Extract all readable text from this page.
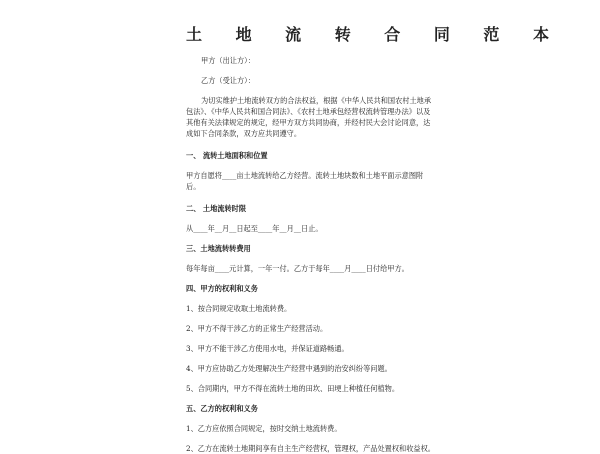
土 地 流 转 合 同 范 本
甲方（出让方）：
乙方（受让方）：
为切实维护土地流转双方的合法权益，根据《中华人民共和国农村土地承
包法》、《中华人民共和国合同法》、《农村土地承包经营权流转管理办法》以及
其他有关法律规定的规定，经甲方双方共同协商，并经村民大会讨论同意，达
成如下合同条款，双方应共同遵守。
一、 流转土地面积和位置
甲方自愿将____亩土地流转给乙方经营。流转土地块数和土地平面示意图附
后。
二、 土地流转时限
从____年__月__日起至____年__月__日止。
三、土地流转转费用
每年每亩____元计算，一年一付。乙方于每年____月____日付给甲方。
四、甲方的权利和义务
1、按合同规定收取土地流转费。
2、甲方不得干涉乙方的正常生产经营活动。
3、甲方不能干涉乙方使用水电，并保证道路畅通。
4、甲方应协助乙方处理解决生产经营中遇到的治安纠纷等问题。
5、合同期内，甲方不得在流转土地的田坎、田埂上种植任何植物。
五、乙方的权利和义务
1、乙方应依照合同规定，按时交纳土地流转费。
2、乙方在流转土地期间享有自主生产经营权，管理权，产品处置权和收益权。
